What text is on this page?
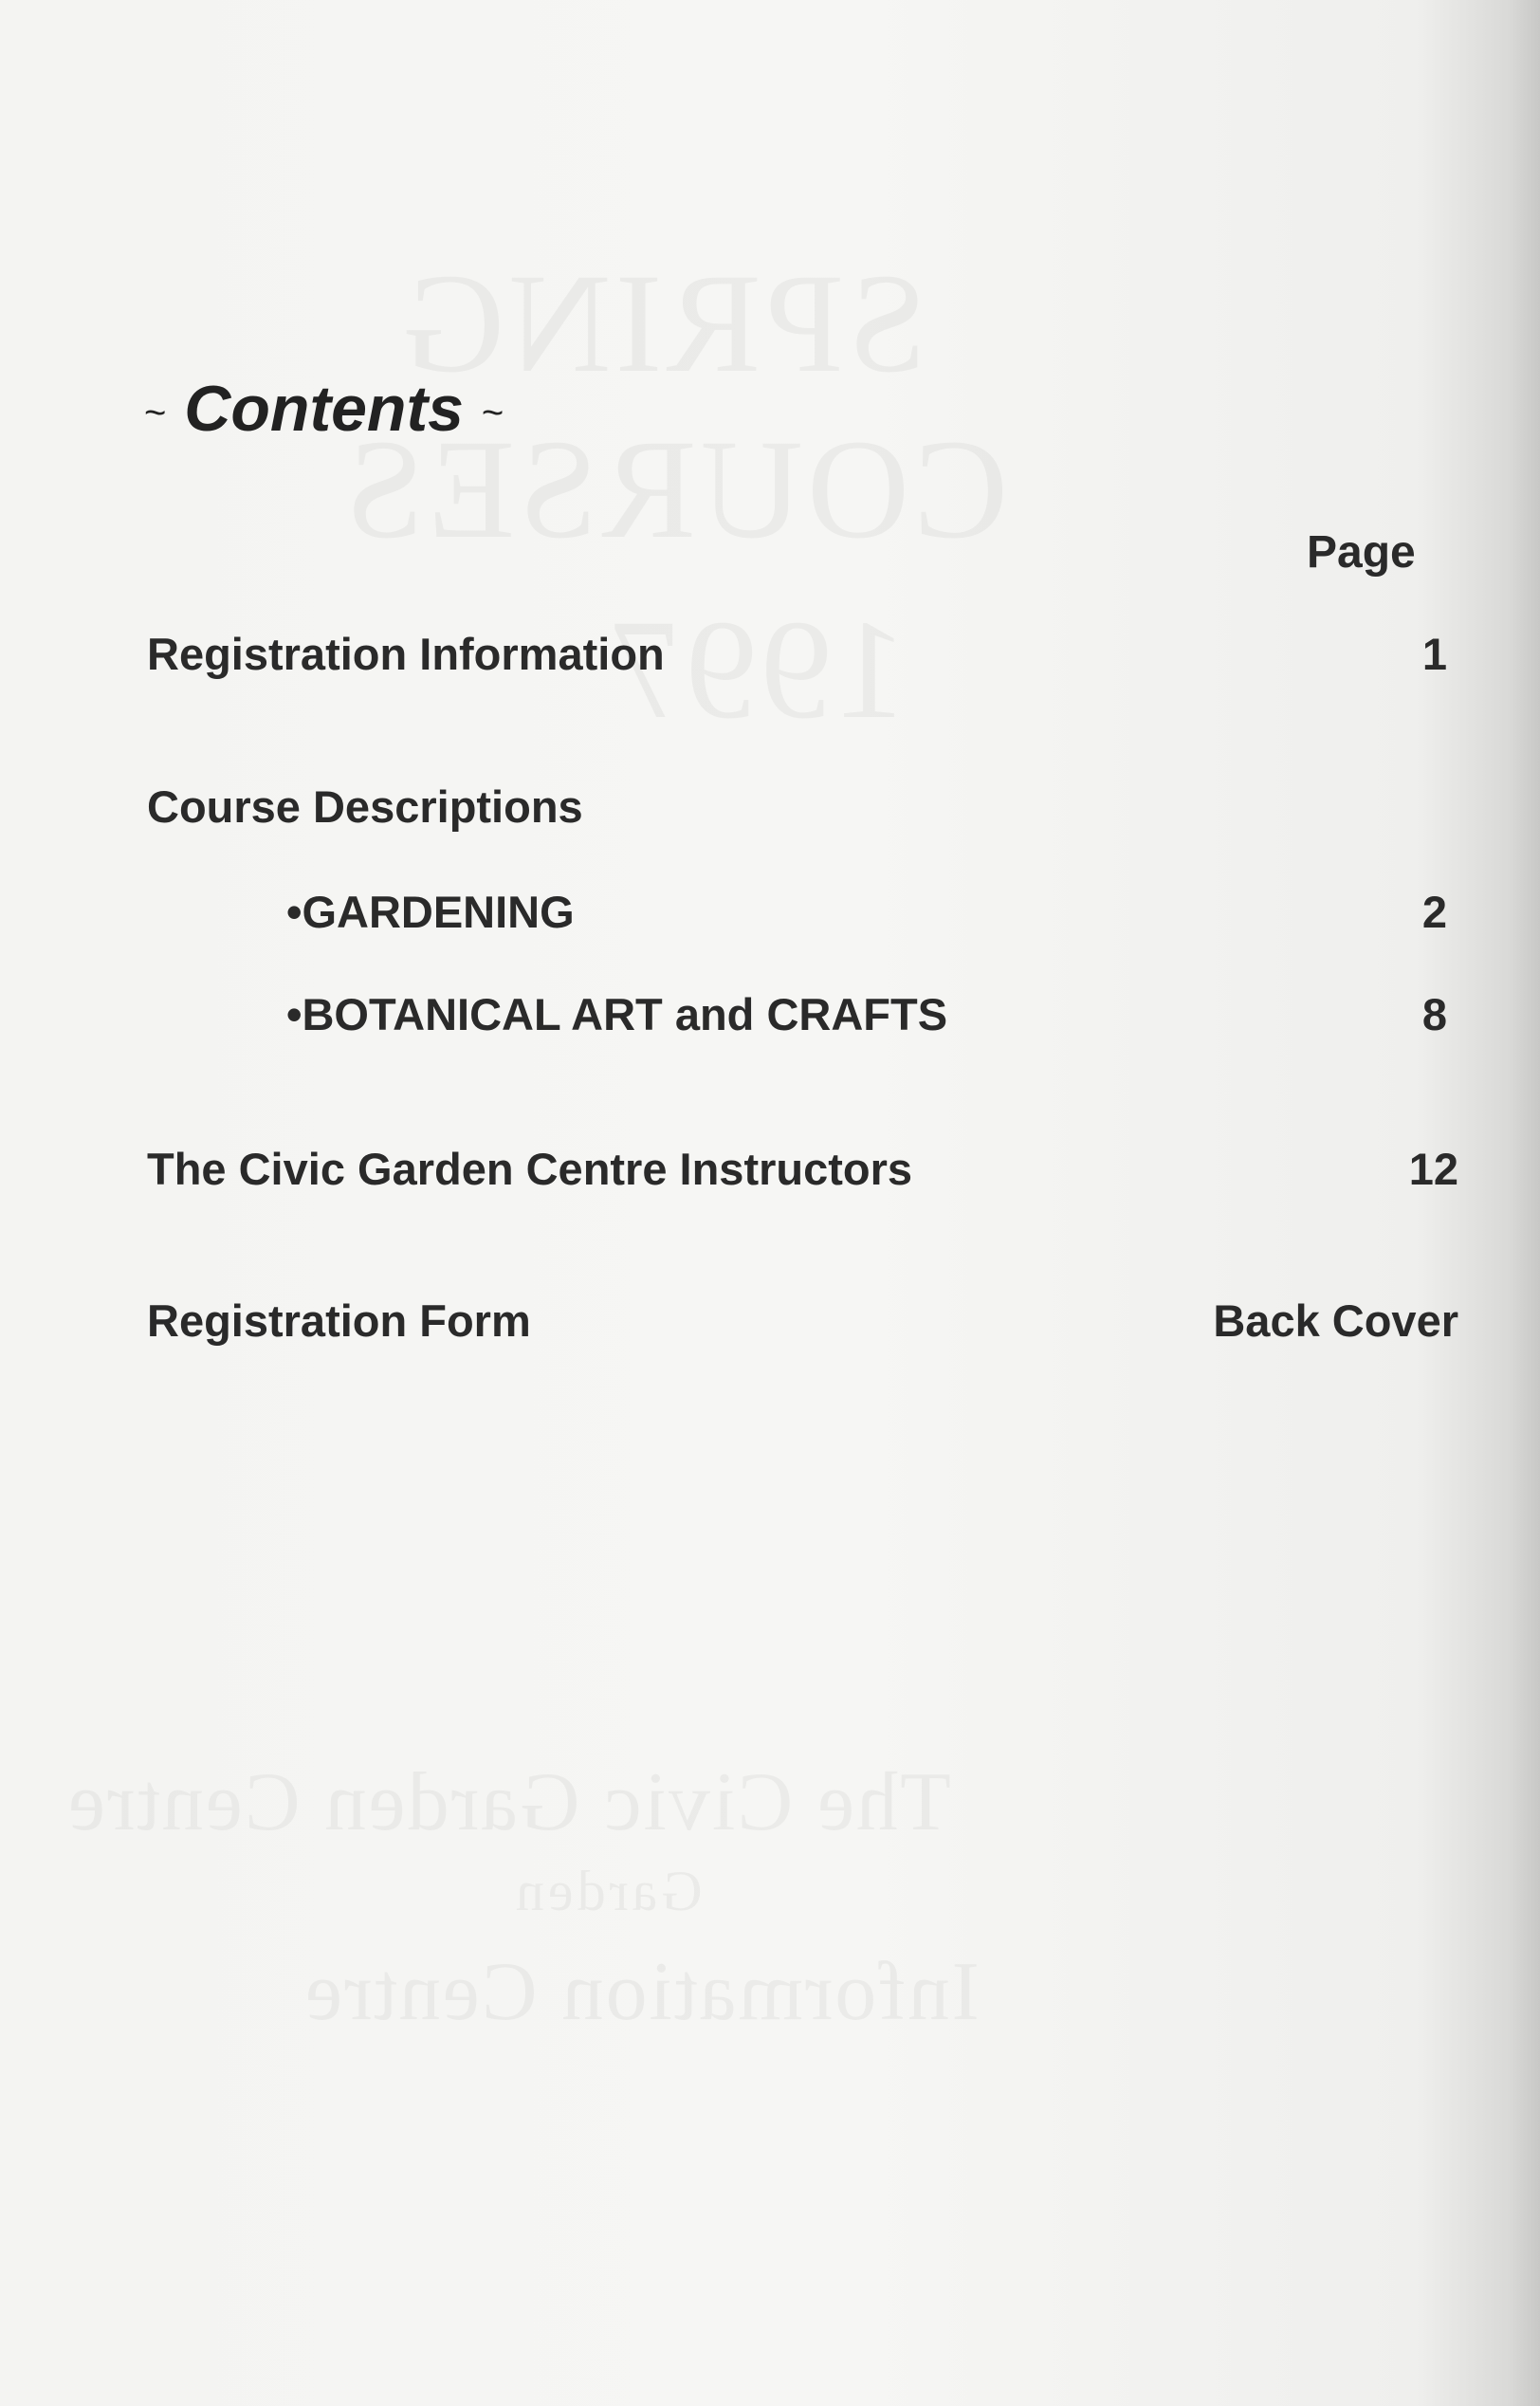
~ Contents ~
Page
Registration Information	1
Course Descriptions
•GARDENING	2
•BOTANICAL ART and CRAFTS	8
The Civic Garden Centre Instructors	12
Registration Form	Back Cover
